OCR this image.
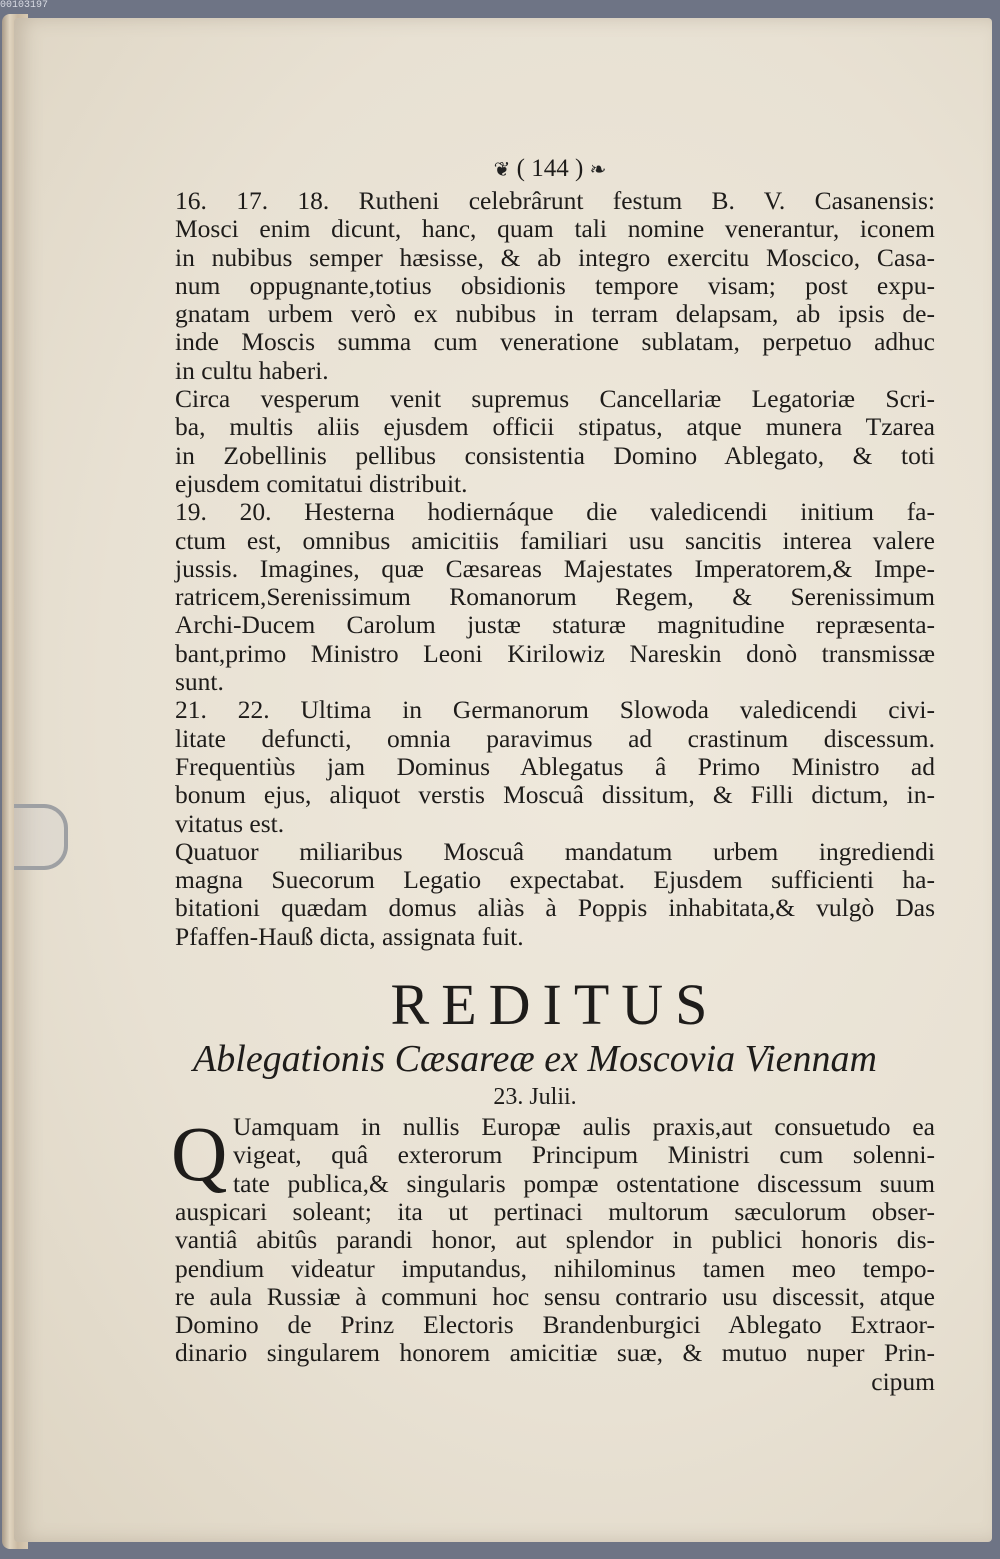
00103197
❦ ( 144 ) ❧
16. 17. 18. Rutheni celebrârunt festum B. V. Casanensis:
Mosci enim dicunt, hanc, quam tali nomine venerantur, iconem
in nubibus semper hæsisse, & ab integro exercitu Moscico, Casa-
num oppugnante,totius obsidionis tempore visam; post expu-
gnatam urbem verò ex nubibus in terram delapsam, ab ipsis de-
inde Moscis summa cum veneratione sublatam, perpetuo adhuc
in cultu haberi.
Circa vesperum venit supremus Cancellariæ Legatoriæ Scri-
ba, multis aliis ejusdem officii stipatus, atque munera Tzarea
in Zobellinis pellibus consistentia Domino Ablegato, & toti
ejusdem comitatui distribuit.
19. 20. Hesterna hodiernáque die valedicendi initium fa-
ctum est, omnibus amicitiis familiari usu sancitis interea valere
jussis. Imagines, quæ Cæsareas Majestates Imperatorem,& Impe-
ratricem,Serenissimum Romanorum Regem, & Serenissimum
Archi-Ducem Carolum justæ staturæ magnitudine repræsenta-
bant,primo Ministro Leoni Kirilowiz Nareskin donò transmissæ
sunt.
21. 22. Ultima in Germanorum Slowoda valedicendi civi-
litate defuncti, omnia paravimus ad crastinum discessum.
Frequentiùs jam Dominus Ablegatus â Primo Ministro ad
bonum ejus, aliquot verstis Moscuâ dissitum, & Filli dictum, in-
vitatus est.
Quatuor miliaribus Moscuâ mandatum urbem ingrediendi
magna Suecorum Legatio expectabat. Ejusdem sufficienti ha-
bitationi quædam domus aliàs à Poppis inhabitata,& vulgò Das
Pfaffen-Hauß dicta, assignata fuit.
REDITUS
Ablegationis Cæsareæ ex Moscovia Viennam
23. Julii.
Q Uamquam in nullis Europæ aulis praxis,aut consuetudo ea
vigeat, quâ exterorum Principum Ministri cum solenni-
tate publica,& singularis pompæ ostentatione discessum suum
auspicari soleant; ita ut pertinaci multorum sæculorum obser-
vantiâ abitûs parandi honor, aut splendor in publici honoris dis-
pendium videatur imputandus, nihilominus tamen meo tempo-
re aula Russiæ à communi hoc sensu contrario usu discessit, atque
Domino de Prinz Electoris Brandenburgici Ablegato Extraor-
dinario singularem honorem amicitiæ suæ, & mutuo nuper Prin-
cipum
